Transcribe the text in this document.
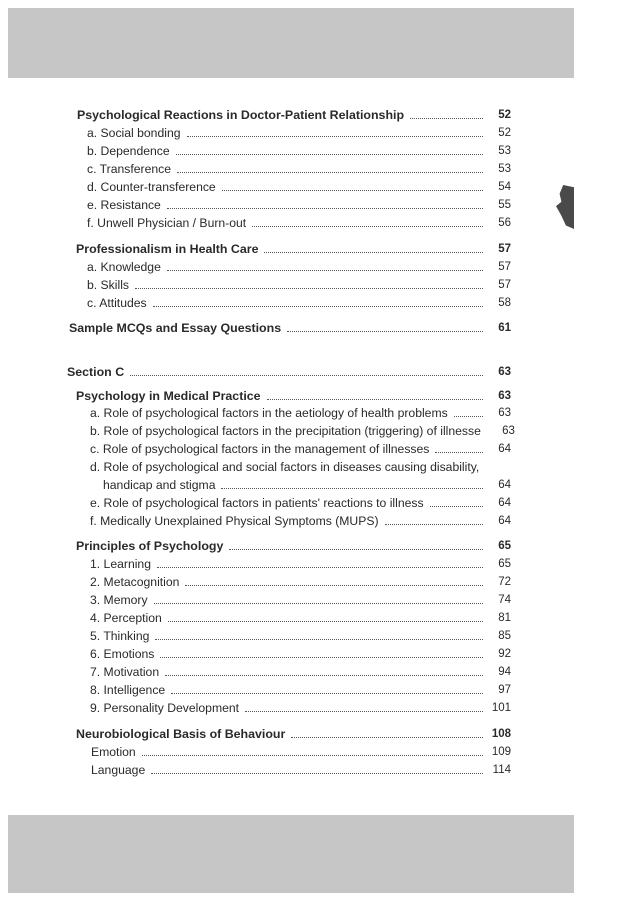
Psychological Reactions in Doctor-Patient Relationship	52
a. Social bonding	52
b. Dependence	53
c. Transference	53
d. Counter-transference	54
e. Resistance	55
f. Unwell Physician / Burn-out	56
Professionalism in Health Care	57
a. Knowledge	57
b. Skills	57
c. Attitudes	58
Sample MCQs and Essay Questions	61
Section C	63
Psychology in Medical Practice	63
a. Role of psychological factors in the aetiology of health problems	63
b. Role of psychological factors in the precipitation (triggering) of illnesse	63
c. Role of psychological factors in the management of illnesses	64
d. Role of psychological and social factors in diseases causing disability,
handicap and stigma	64
e. Role of psychological factors in patients' reactions to illness	64
f. Medically Unexplained Physical Symptoms (MUPS)	64
Principles of Psychology	65
1. Learning	65
2. Metacognition	72
3. Memory	74
4. Perception	81
5. Thinking	85
6. Emotions	92
7. Motivation	94
8. Intelligence	97
9. Personality Development	101
Neurobiological Basis of Behaviour	108
Emotion	109
Language	114
